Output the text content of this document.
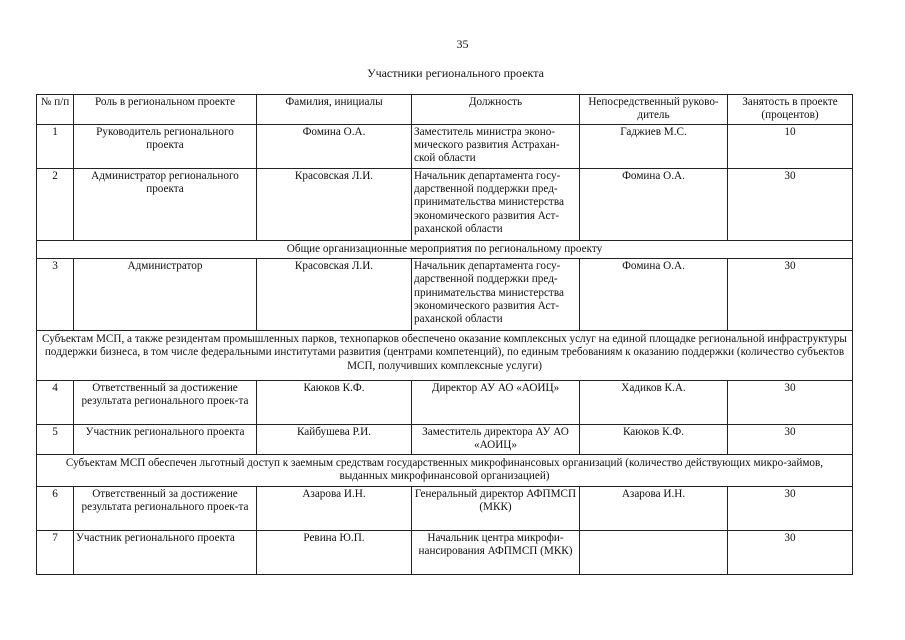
35
Участники регионального проекта
№ п/п	Роль в региональном проекте	Фамилия, инициалы	Должность	Непосредственный руково-дитель	Занятость в проекте (процентов)
1	Руководитель регионального проекта	Фомина О.А.	Заместитель министра эконо-мического развития Астрахан-ской области	Гаджиев М.С.	10
2	Администратор регионального проекта	Красовская Л.И.	Начальник департамента госу-дарственной поддержки пред-принимательства министерства экономического развития Аст-раханской области	Фомина О.А.	30
Общие организационные мероприятия по региональному проекту					
3	Администратор	Красовская Л.И.	Начальник департамента госу-дарственной поддержки пред-принимательства министерства экономического развития Аст-раханской области	Фомина О.А.	30
Субъектам МСП, а также резидентам промышленных парков, технопарков обеспечено оказание комплексных услуг на единой площадке региональной инфраструктуры поддержки бизнеса, в том числе федеральными институтами развития (центрами компетенций), по единым требованиям к оказанию поддержки (количество субъектов МСП, получивших комплексные услуги)					
4	Ответственный за достижение результата регионального проек-та	Каюков К.Ф.	Директор АУ АО «АОИЦ»	Хадиков К.А.	30
5	Участник регионального проекта	Кайбушева Р.И.	Заместитель директора АУ АО «АОИЦ»	Каюков К.Ф.	30
Субъектам МСП обеспечен льготный доступ к заемным средствам государственных микрофинансовых организаций (количество действующих микро-займов, выданных микрофинансовой организацией)					
6	Ответственный за достижение результата регионального проек-та	Азарова И.Н.	Генеральный директор АФПМСП (МКК)	Азарова И.Н.	30
7	Участник регионального проекта	Ревина Ю.П.	Начальник центра микрофи-нансирования АФПМСП (МКК)		30
